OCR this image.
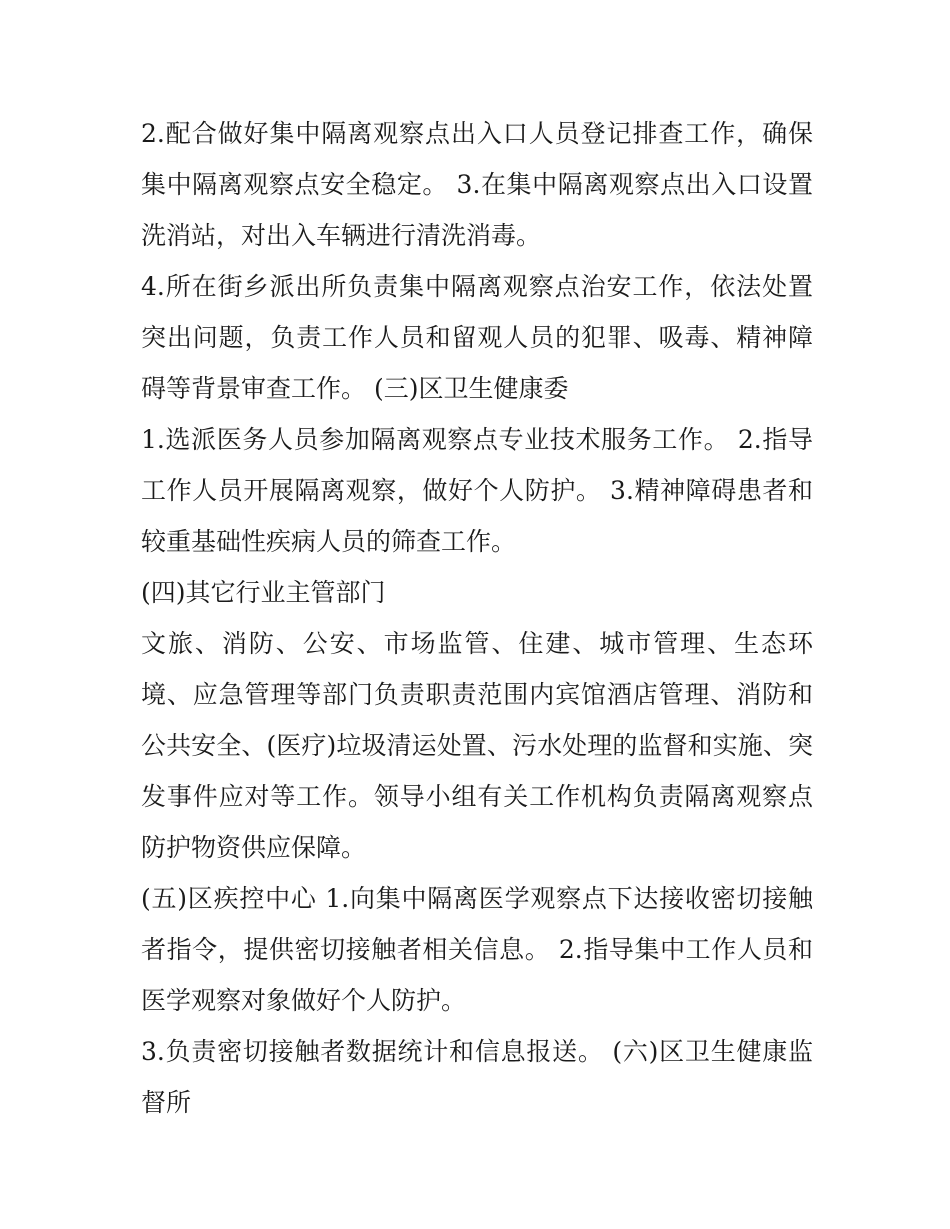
2.配合做好集中隔离观察点出入口人员登记排查工作，确保集中隔离观察点安全稳定。 3.在集中隔离观察点出入口设置洗消站，对出入车辆进行清洗消毒。

4.所在街乡派出所负责集中隔离观察点治安工作，依法处置突出问题，负责工作人员和留观人员的犯罪、吸毒、精神障碍等背景审查工作。 (三)区卫生健康委

1.选派医务人员参加隔离观察点专业技术服务工作。 2.指导工作人员开展隔离观察，做好个人防护。 3.精神障碍患者和较重基础性疾病人员的筛查工作。

(四)其它行业主管部门

文旅、消防、公安、市场监管、住建、城市管理、生态环境、应急管理等部门负责职责范围内宾馆酒店管理、消防和公共安全、(医疗)垃圾清运处置、污水处理的监督和实施、突发事件应对等工作。领导小组有关工作机构负责隔离观察点防护物资供应保障。

(五)区疾控中心 1.向集中隔离医学观察点下达接收密切接触者指令，提供密切接触者相关信息。 2.指导集中工作人员和医学观察对象做好个人防护。

3.负责密切接触者数据统计和信息报送。 (六)区卫生健康监督所
